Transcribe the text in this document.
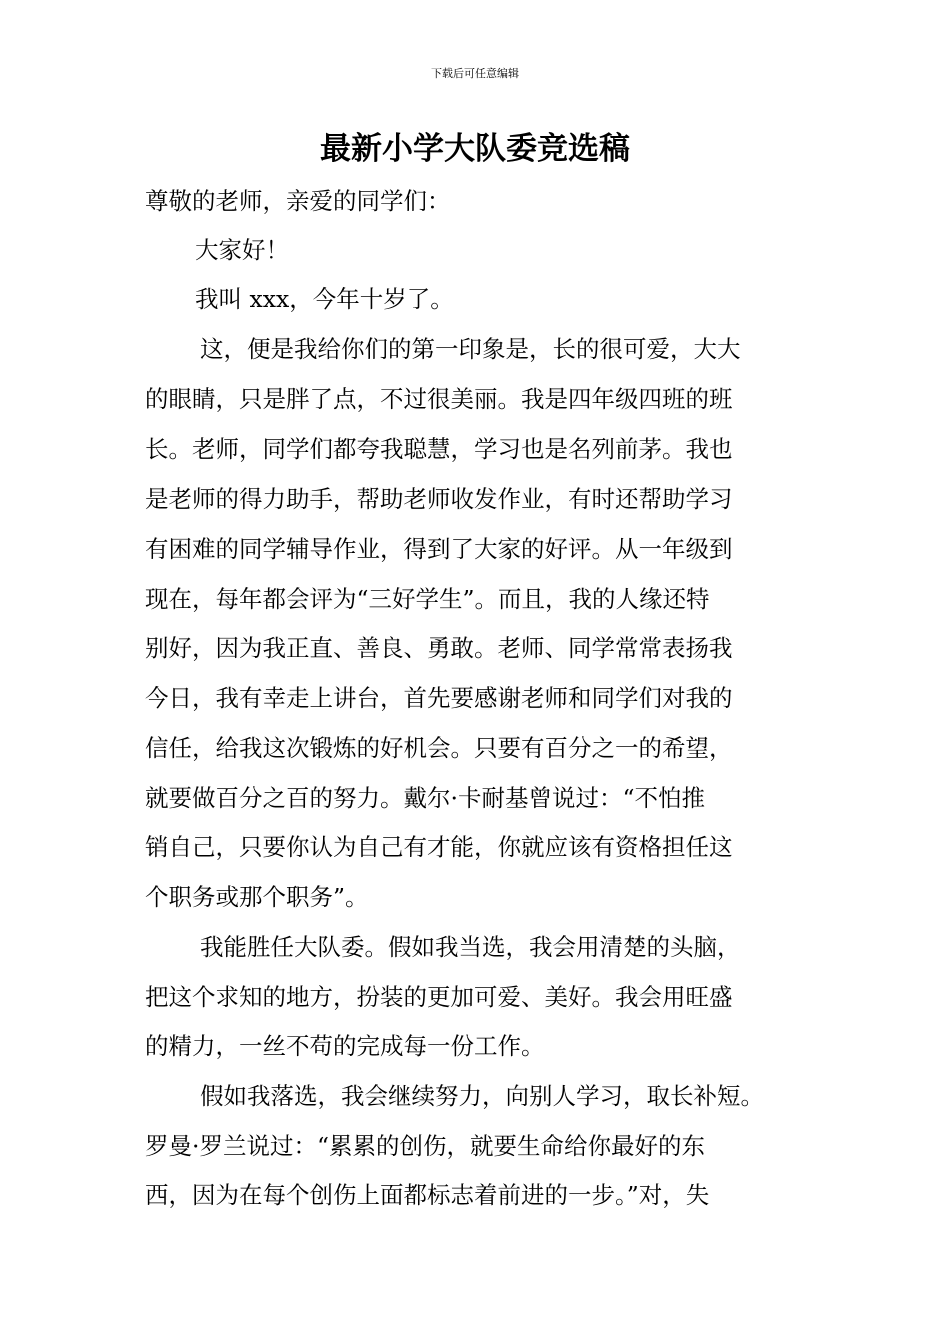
下载后可任意编辑
最新小学大队委竞选稿
尊敬的老师，亲爱的同学们：
大家好！
我叫 xxx，今年十岁了。
这，便是我给你们的第一印象是，长的很可爱，大大
的眼睛，只是胖了点，不过很美丽。我是四年级四班的班
长。老师，同学们都夸我聪慧，学习也是名列前茅。我也
是老师的得力助手，帮助老师收发作业，有时还帮助学习
有困难的同学辅导作业，得到了大家的好评。从一年级到
现在，每年都会评为“三好学生”。而且，我的人缘还特
别好，因为我正直、善良、勇敢。老师、同学常常表扬我
今日，我有幸走上讲台，首先要感谢老师和同学们对我的
信任，给我这次锻炼的好机会。只要有百分之一的希望，
就要做百分之百的努力。戴尔·卡耐基曾说过：“不怕推
销自己，只要你认为自己有才能，你就应该有资格担任这
个职务或那个职务”。
我能胜任大队委。假如我当选，我会用清楚的头脑，
把这个求知的地方，扮装的更加可爱、美好。我会用旺盛
的精力，一丝不苟的完成每一份工作。
假如我落选，我会继续努力，向别人学习，取长补短。
罗曼·罗兰说过：“累累的创伤，就要生命给你最好的东
西，因为在每个创伤上面都标志着前进的一步。”对，失
